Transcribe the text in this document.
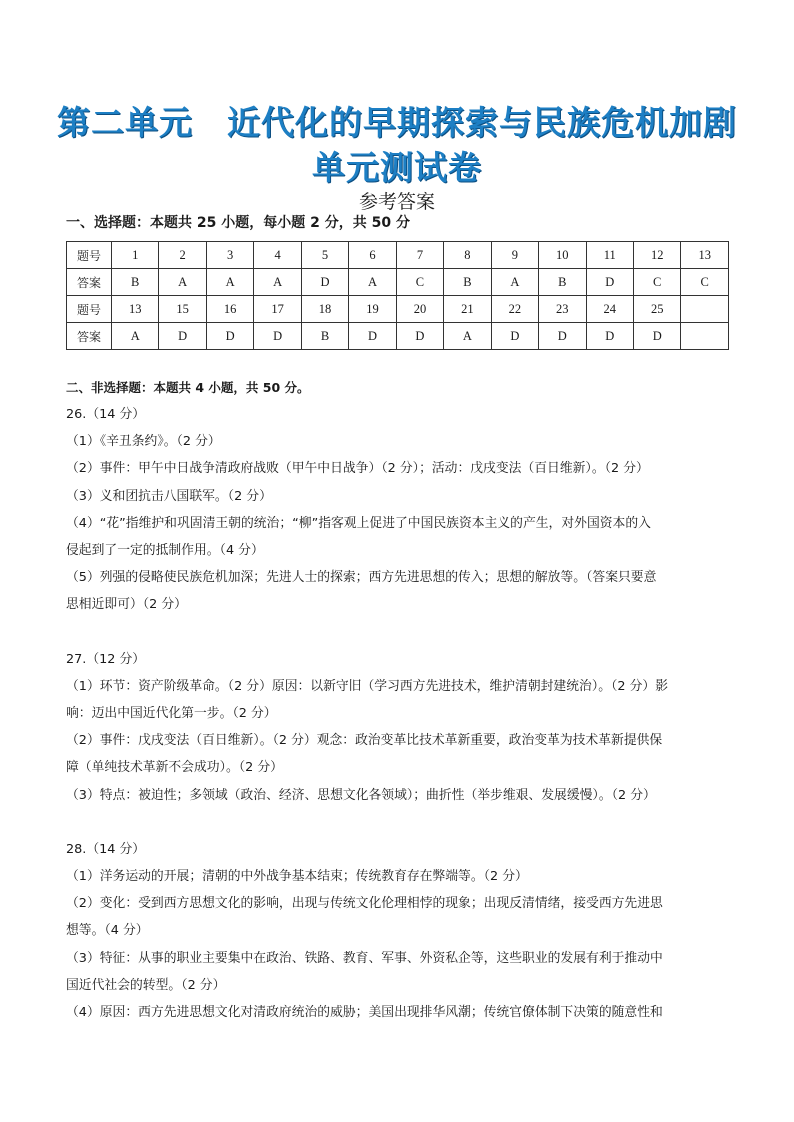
第二单元　近代化的早期探索与民族危机加剧
单元测试卷
参考答案
一、选择题：本题共 25 小题，每小题 2 分，共 50 分
题号	1	2	3	4	5	6	7	8	9	10	11	12	13
答案	B	A	A	A	D	A	C	B	A	B	D	C	C
题号	13	15	16	17	18	19	20	21	22	23	24	25	
答案	A	D	D	D	B	D	D	A	D	D	D	D	
二、非选择题：本题共 4 小题，共 50 分。

26.（14 分）

（1）《辛丑条约》。（2 分）

（2）事件：甲午中日战争清政府战败（甲午中日战争）（2 分）；活动：戊戌变法（百日维新）。（2 分）

（3）义和团抗击八国联军。（2 分）

（4）“花”指维护和巩固清王朝的统治；“柳”指客观上促进了中国民族资本主义的产生，对外国资本的入

侵起到了一定的抵制作用。（4 分）

（5）列强的侵略使民族危机加深；先进人士的探索；西方先进思想的传入；思想的解放等。（答案只要意

思相近即可）（2 分）

27.（12 分）

（1）环节：资产阶级革命。（2 分）原因：以新守旧（学习西方先进技术，维护清朝封建统治）。（2 分）影

响：迈出中国近代化第一步。（2 分）

（2）事件：戊戌变法（百日维新）。（2 分）观念：政治变革比技术革新重要，政治变革为技术革新提供保

障（单纯技术革新不会成功）。（2 分）

（3）特点：被迫性；多领域（政治、经济、思想文化各领域）；曲折性（举步维艰、发展缓慢）。（2 分）

28.（14 分）

（1）洋务运动的开展；清朝的中外战争基本结束；传统教育存在弊端等。（2 分）

（2）变化：受到西方思想文化的影响，出现与传统文化伦理相悖的现象；出现反清情绪，接受西方先进思

想等。（4 分）

（3）特征：从事的职业主要集中在政治、铁路、教育、军事、外资私企等，这些职业的发展有利于推动中

国近代社会的转型。（2 分）

（4）原因：西方先进思想文化对清政府统治的威胁；美国出现排华风潮；传统官僚体制下决策的随意性和
